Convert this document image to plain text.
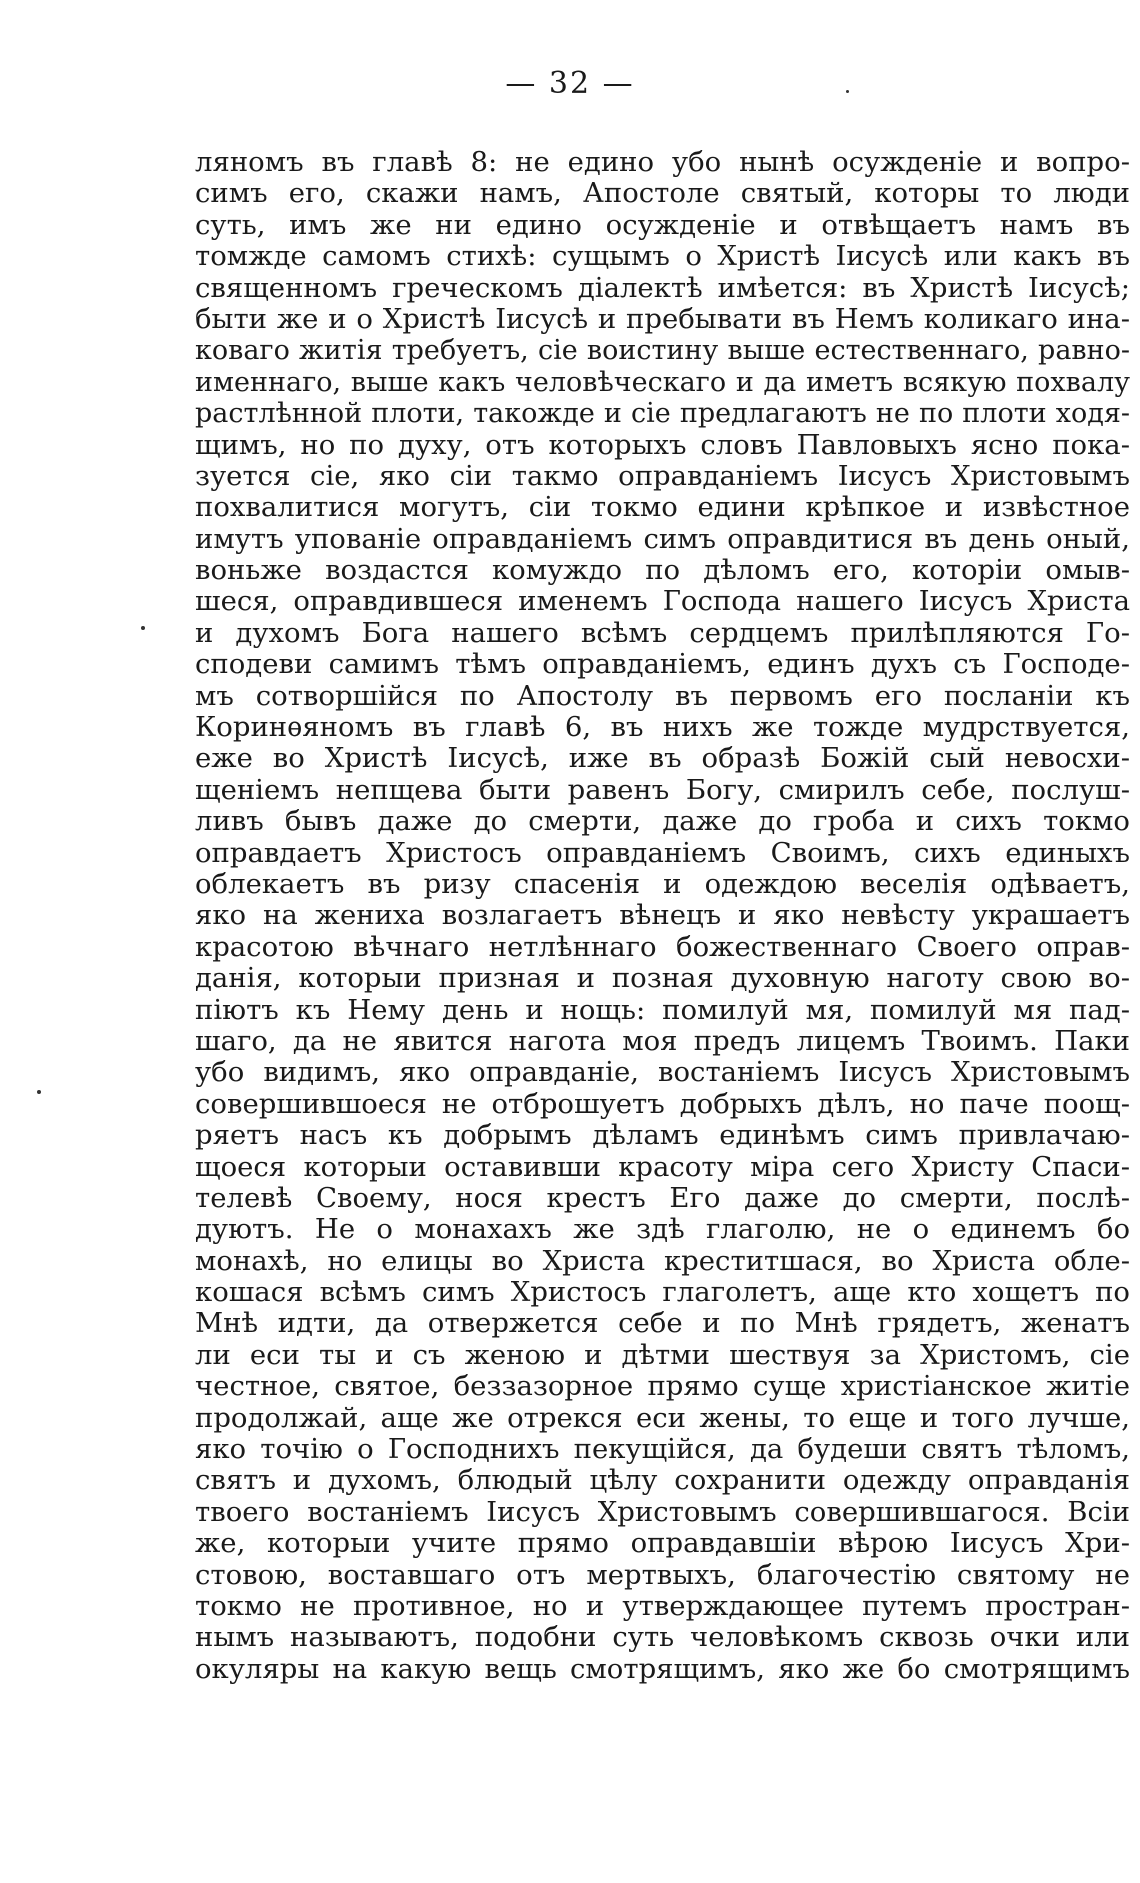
— 32 —
ляномъ въ главѣ 8: не едино убо нынѣ осужденіе и вопро-
симъ его, скажи намъ, Апостоле святый, которы то люди
суть, имъ же ни едино осужденіе и отвѣщаетъ намъ въ
томжде самомъ стихѣ: сущымъ о Христѣ Іисусѣ или какъ въ
священномъ греческомъ діалектѣ имѣется: въ Христѣ Іисусѣ;
быти же и о Христѣ Іисусѣ и пребывати въ Немъ коликаго ина-
коваго житія требуетъ, сіе воистину выше естественнаго, равно-
именнаго, выше какъ человѣческаго и да иметъ всякую похвалу
растлѣнной плоти, такожде и сіе предлагаютъ не по плоти ходя-
щимъ, но по духу, отъ которыхъ словъ Павловыхъ ясно пока-
зуется сіе, яко сіи такмо оправданіемъ Іисусъ Христовымъ
похвалитися могутъ, сіи токмо едини крѣпкое и извѣстное
имутъ упованіе оправданіемъ симъ оправдитися въ день оный,
воньже воздастся комуждо по дѣломъ его, которіи омыв-
шеся, оправдившеся именемъ Господа нашего Іисусъ Христа
и духомъ Бога нашего всѣмъ сердцемъ прилѣпляются Го-
сподеви самимъ тѣмъ оправданіемъ, единъ духъ съ Господе-
мъ сотворшійся по Апостолу въ первомъ его посланіи къ
Коринѳяномъ въ главѣ 6, въ нихъ же тожде мудрствуется,
еже во Христѣ Іисусѣ, иже въ образѣ Божій сый невосхи-
щеніемъ непщева быти равенъ Богу, смирилъ себе, послуш-
ливъ бывъ даже до смерти, даже до гроба и сихъ токмо
оправдаетъ Христосъ оправданіемъ Своимъ, сихъ единыхъ
облекаетъ въ ризу спасенія и одеждою веселія одѣваетъ,
яко на жениха возлагаетъ вѣнецъ и яко невѣсту украшаетъ
красотою вѣчнаго нетлѣннаго божественнаго Своего оправ-
данія, которыи призная и позная духовную наготу свою во-
піютъ къ Нему день и нощь: помилуй мя, помилуй мя пад-
шаго, да не явится нагота моя предъ лицемъ Твоимъ. Паки
убо видимъ, яко оправданіе, востаніемъ Іисусъ Христовымъ
совершившоеся не отброшуетъ добрыхъ дѣлъ, но паче поощ-
ряетъ насъ къ добрымъ дѣламъ единѣмъ симъ привлачаю-
щоеся которыи оставивши красоту міра сего Христу Спаси-
телевѣ Своему, нося крестъ Его даже до смерти, послѣ-
дуютъ. Не о монахахъ же здѣ глаголю, не о единемъ бо
монахѣ, но елицы во Христа креститшася, во Христа обле-
кошася всѣмъ симъ Христосъ глаголетъ, аще кто хощетъ по
Мнѣ идти, да отвержется себе и по Мнѣ грядетъ, женатъ
ли еси ты и съ женою и дѣтми шествуя за Христомъ, сіе
честное, святое, беззазорное прямо суще христіанское житіе
продолжай, аще же отрекся еси жены, то еще и того лучше,
яко точію о Господнихъ пекущійся, да будеши святъ тѣломъ,
святъ и духомъ, блюдый цѣлу сохранити одежду оправданія
твоего востаніемъ Іисусъ Христовымъ совершившагося. Всіи
же, которыи учите прямо оправдавшіи вѣрою Іисусъ Хри-
стовою, воставшаго отъ мертвыхъ, благочестію святому не
токмо не противное, но и утверждающее путемъ простран-
нымъ называютъ, подобни суть человѣкомъ сквозь очки или
окуляры на какую вещь смотрящимъ, яко же бо смотрящимъ
